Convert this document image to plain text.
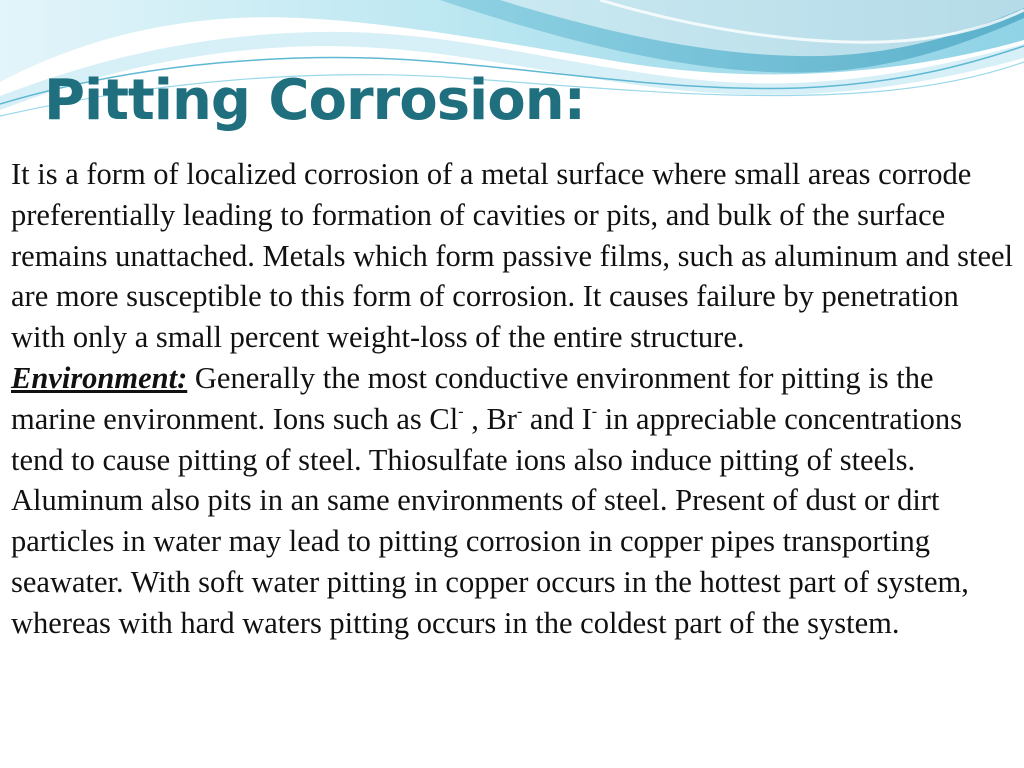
Pitting Corrosion:

It is a form of localized corrosion of a metal surface where small areas corrode preferentially leading to formation of cavities or pits, and bulk of the surface remains unattached. Metals which form passive films, such as aluminum and steel are more susceptible to this form of corrosion. It causes failure by penetration with only a small percent weight-loss of the entire structure.

Environment: Generally the most conductive environment for pitting is the marine environment. Ions such as Cl- , Br- and I- in appreciable concentrations tend to cause pitting of steel. Thiosulfate ions also induce pitting of steels. Aluminum also pits in an same environments of steel. Present of dust or dirt particles in water may lead to pitting corrosion in copper pipes transporting seawater. With soft water pitting in copper occurs in the hottest part of system, whereas with hard waters pitting occurs in the coldest part of the system.
